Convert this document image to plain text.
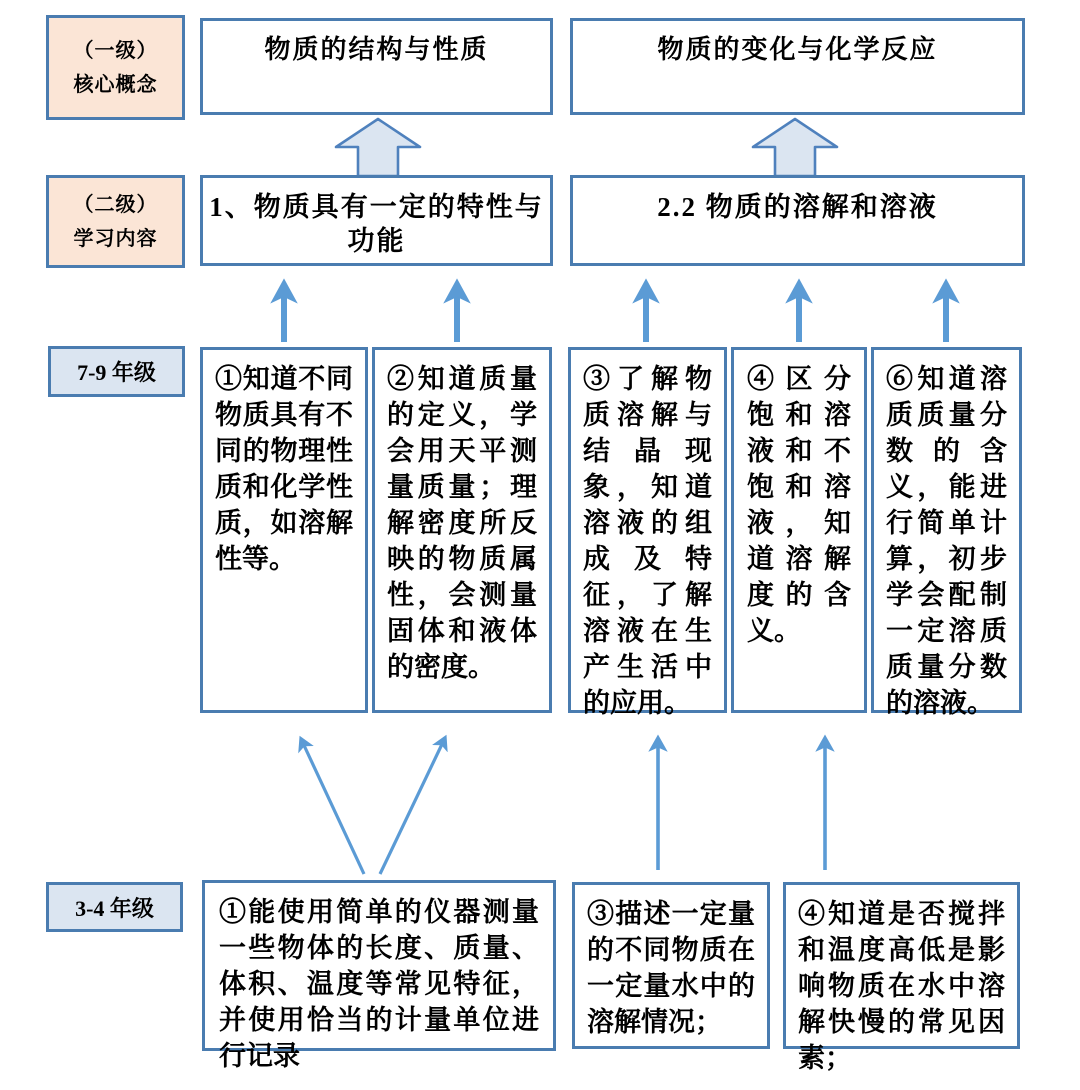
（一级）
核心概念
物质的结构与性质	物质的变化与化学反应
（二级）
学习内容
1、物质具有一定的特性与功能
2.2 物质的溶解和溶液
7-9 年级	①知道不同物质具有不同的物理性质和化学性质，如溶解性等。
②知道质量的定义，学会用天平测量质量；理解密度所反映的物质属性，会测量固体和液体的密度。
③了解物质溶解与结晶现象，知道溶液的组成及特征，了解溶液在生产生活中的应用。
④区分饱和溶液和不饱和溶液，知道溶解度的含义。
⑥知道溶质质量分数的含义，能进行简单计算，初步学会配制一定溶质质量分数的溶液。
3-4 年级	①能使用简单的仪器测量一些物体的长度、质量、体积、温度等常见特征，并使用恰当的计量单位进行记录
③描述一定量的不同物质在一定量水中的溶解情况；
④知道是否搅拌和温度高低是影响物质在水中溶解快慢的常见因素；
